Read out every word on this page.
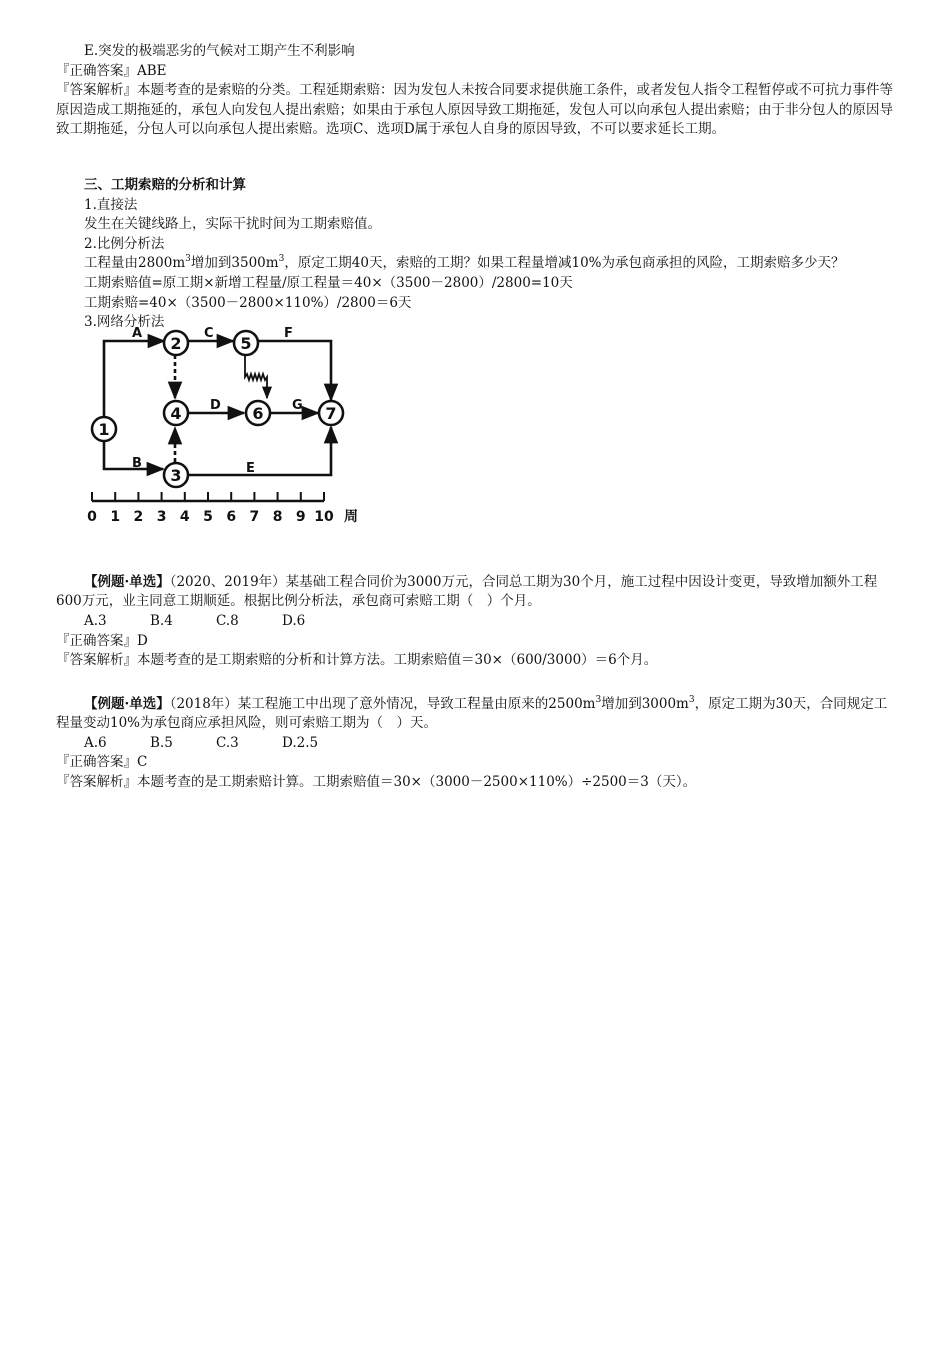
E.突发的极端恶劣的气候对工期产生不利影响

『正确答案』ABE

『答案解析』本题考查的是索赔的分类。工程延期索赔：因为发包人未按合同要求提供施工条件，或者发包人指令工程暂停或不可抗力事件等原因造成工期拖延的，承包人向发包人提出索赔；如果由于承包人原因导致工期拖延，发包人可以向承包人提出索赔；由于非分包人的原因导致工期拖延，分包人可以向承包人提出索赔。选项C、选项D属于承包人自身的原因导致，不可以要求延长工期。

三、工期索赔的分析和计算

1.直接法

发生在关键线路上，实际干扰时间为工期索赔值。

2.比例分析法

工程量由$2800m^3$增加到$3500m^3$，原定工期40天，索赔的工期？如果工程量增减10%为承包商承担的风险，工期索赔多少天？

工期索赔值=原工期×新增工程量/原工程量＝40×（3500－2800）/2800=10天

工期索赔=40×（3500－2800×110%）/2800＝6天

3.网络分析法

1
2
3
4
5
6	7
A
B
C
D
E
F
G
0 1 2 3 4 5 6 7 8 9 10 周

【例题·单选】（2020、2019年）某基础工程合同价为3000万元，合同总工期为30个月，施工过程中因设计变更，导致增加额外工程600万元，业主同意工期顺延。根据比例分析法，承包商可索赔工期（　）个月。

A.3	B.4	C.8	D.6

『正确答案』D

『答案解析』本题考查的是工期索赔的分析和计算方法。工期索赔值＝30×（600/3000）＝6个月。

【例题·单选】（2018年）某工程施工中出现了意外情况，导致工程量由原来的$2500m^3$增加到$3000m^3$，原定工期为30天，合同规定工程量变动10%为承包商应承担风险，则可索赔工期为（　）天。

A.6	B.5	C.3	D.2.5

『正确答案』C

『答案解析』本题考查的是工期索赔计算。工期索赔值＝30×（3000－2500×110%）÷2500＝3（天）。
